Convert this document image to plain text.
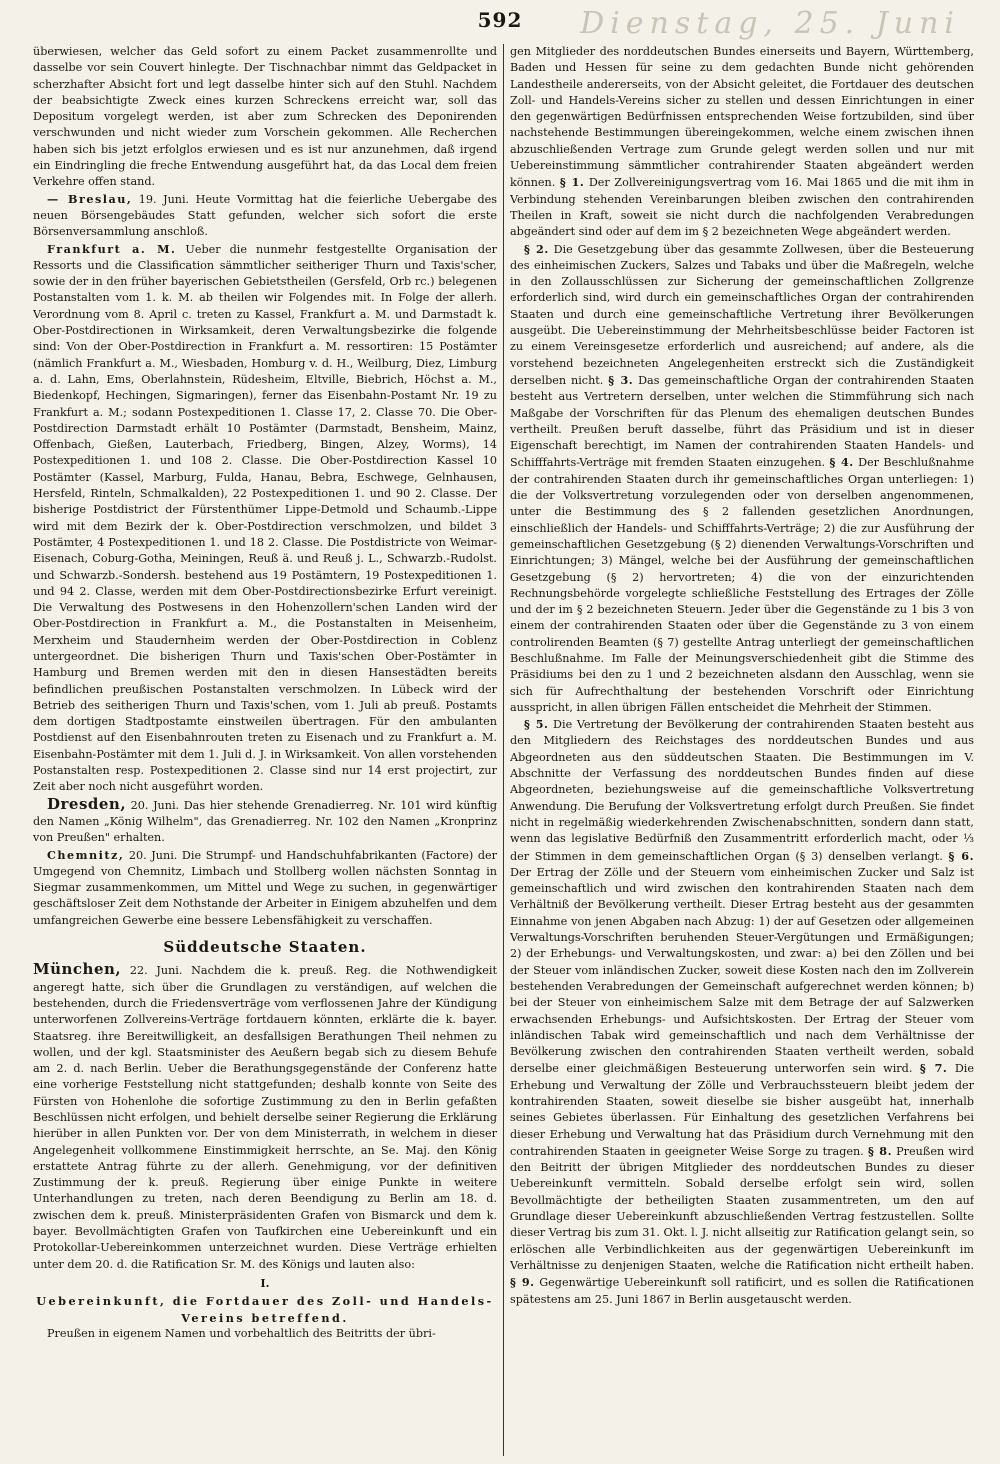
592	Dienstag, 25. Juni

überwiesen, welcher das Geld sofort zu einem Packet zusammenrollte und dasselbe vor sein Couvert hinlegte. Der Tischnachbar nimmt das Geldpacket in scherzhafter Absicht fort und legt dasselbe hinter sich auf den Stuhl. Nachdem der beabsichtigte Zweck eines kurzen Schreckens erreicht war, soll das Depositum vorgelegt werden, ist aber zum Schrecken des Deponirenden verschwunden und nicht wieder zum Vorschein gekommen. Alle Recherchen haben sich bis jetzt erfolglos erwiesen und es ist nur anzunehmen, daß irgend ein Eindringling die freche Entwendung ausgeführt hat, da das Local dem freien Verkehre offen stand.

— Breslau, 19. Juni. Heute Vormittag hat die feierliche Uebergabe des neuen Börsengebäudes Statt gefunden, welcher sich sofort die erste Börsenversammlung anschloß.

Frankfurt a. M. Ueber die nunmehr festgestellte Organisation der Ressorts und die Classification sämmtlicher seitheriger Thurn und Taxis'scher, sowie der in den früher bayerischen Gebietstheilen (Gersfeld, Orb rc.) belegenen Postanstalten vom 1. k. M. ab theilen wir Folgendes mit. In Folge der allerh. Verordnung vom 8. April c. treten zu Kassel, Frankfurt a. M. und Darmstadt k. Ober-Postdirectionen in Wirksamkeit, deren Verwaltungsbezirke die folgende sind: Von der Ober-Postdirection in Frankfurt a. M. ressortiren: 15 Postämter (nämlich Frankfurt a. M., Wiesbaden, Homburg v. d. H., Weilburg, Diez, Limburg a. d. Lahn, Ems, Oberlahnstein, Rüdesheim, Eltville, Biebrich, Höchst a. M., Biedenkopf, Hechingen, Sigmaringen), ferner das Eisenbahn-Postamt Nr. 19 zu Frankfurt a. M.; sodann Postexpeditionen 1. Classe 17, 2. Classe 70. Die Ober-Postdirection Darmstadt erhält 10 Postämter (Darmstadt, Bensheim, Mainz, Offenbach, Gießen, Lauterbach, Friedberg, Bingen, Alzey, Worms), 14 Postexpeditionen 1. und 108 2. Classe. Die Ober-Postdirection Kassel 10 Postämter (Kassel, Marburg, Fulda, Hanau, Bebra, Eschwege, Gelnhausen, Hersfeld, Rinteln, Schmalkalden), 22 Postexpeditionen 1. und 90 2. Classe. Der bisherige Postdistrict der Fürstenthümer Lippe-Detmold und Schaumb.-Lippe wird mit dem Bezirk der k. Ober-Postdirection verschmolzen, und bildet 3 Postämter, 4 Postexpeditionen 1. und 18 2. Classe. Die Postdistricte von Weimar-Eisenach, Coburg-Gotha, Meiningen, Reuß ä. und Reuß j. L., Schwarzb.-Rudolst. und Schwarzb.-Sondersh. bestehend aus 19 Postämtern, 19 Postexpeditionen 1. und 94 2. Classe, werden mit dem Ober-Postdirectionsbezirke Erfurt vereinigt. Die Verwaltung des Postwesens in den Hohenzollern'schen Landen wird der Ober-Postdirection in Frankfurt a. M., die Postanstalten in Meisenheim, Merxheim und Staudernheim werden der Ober-Postdirection in Coblenz untergeordnet. Die bisherigen Thurn und Taxis'schen Ober-Postämter in Hamburg und Bremen werden mit den in diesen Hansestädten bereits befindlichen preußischen Postanstalten verschmolzen. In Lübeck wird der Betrieb des seitherigen Thurn und Taxis'schen, vom 1. Juli ab preuß. Postamts dem dortigen Stadtpostamte einstweilen übertragen. Für den ambulanten Postdienst auf den Eisenbahnrouten treten zu Eisenach und zu Frankfurt a. M. Eisenbahn-Postämter mit dem 1. Juli d. J. in Wirksamkeit. Von allen vorstehenden Postanstalten resp. Postexpeditionen 2. Classe sind nur 14 erst projectirt, zur Zeit aber noch nicht ausgeführt worden.

Dresden, 20. Juni. Das hier stehende Grenadierreg. Nr. 101 wird künftig den Namen „König Wilhelm", das Grenadierreg. Nr. 102 den Namen „Kronprinz von Preußen" erhalten.

Chemnitz, 20. Juni. Die Strumpf- und Handschuhfabrikanten (Factore) der Umgegend von Chemnitz, Limbach und Stollberg wollen nächsten Sonntag in Siegmar zusammenkommen, um Mittel und Wege zu suchen, in gegenwärtiger geschäftsloser Zeit dem Nothstande der Arbeiter in Einigem abzuhelfen und dem umfangreichen Gewerbe eine bessere Lebensfähigkeit zu verschaffen.

Süddeutsche Staaten.

München, 22. Juni. Nachdem die k. preuß. Reg. die Nothwendigkeit angeregt hatte, sich über die Grundlagen zu verständigen, auf welchen die bestehenden, durch die Friedensverträge vom verflossenen Jahre der Kündigung unterworfenen Zollvereins-Verträge fortdauern könnten, erklärte die k. bayer. Staatsreg. ihre Bereitwilligkeit, an desfallsigen Berathungen Theil nehmen zu wollen, und der kgl. Staatsminister des Aeußern begab sich zu diesem Behufe am 2. d. nach Berlin. Ueber die Berathungsgegenstände der Conferenz hatte eine vorherige Feststellung nicht stattgefunden; deshalb konnte von Seite des Fürsten von Hohenlohe die sofortige Zustimmung zu den in Berlin gefaßten Beschlüssen nicht erfolgen, und behielt derselbe seiner Regierung die Erklärung hierüber in allen Punkten vor. Der von dem Ministerrath, in welchem in dieser Angelegenheit vollkommene Einstimmigkeit herrschte, an Se. Maj. den König erstattete Antrag führte zu der allerh. Genehmigung, vor der definitiven Zustimmung der k. preuß. Regierung über einige Punkte in weitere Unterhandlungen zu treten, nach deren Beendigung zu Berlin am 18. d. zwischen dem k. preuß. Ministerpräsidenten Grafen von Bismarck und dem k. bayer. Bevollmächtigten Grafen von Taufkirchen eine Uebereinkunft und ein Protokollar-Uebereinkommen unterzeichnet wurden. Diese Verträge erhielten unter dem 20. d. die Ratification Sr. M. des Königs und lauten also:

I.
Uebereinkunft, die Fortdauer des Zoll- und Handels-Vereins betreffend.

Preußen in eigenem Namen und vorbehaltlich des Beitritts der übri-

gen Mitglieder des norddeutschen Bundes einerseits und Bayern, Württemberg, Baden und Hessen für seine zu dem gedachten Bunde nicht gehörenden Landestheile andererseits, von der Absicht geleitet, die Fortdauer des deutschen Zoll- und Handels-Vereins sicher zu stellen und dessen Einrichtungen in einer den gegenwärtigen Bedürfnissen entsprechenden Weise fortzubilden, sind über nachstehende Bestimmungen übereingekommen, welche einem zwischen ihnen abzuschließenden Vertrage zum Grunde gelegt werden sollen und nur mit Uebereinstimmung sämmtlicher contrahirender Staaten abgeändert werden können. § 1. Der Zollvereinigungsvertrag vom 16. Mai 1865 und die mit ihm in Verbindung stehenden Vereinbarungen bleiben zwischen den contrahirenden Theilen in Kraft, soweit sie nicht durch die nachfolgenden Verabredungen abgeändert sind oder auf dem im § 2 bezeichneten Wege abgeändert werden.

§ 2. Die Gesetzgebung über das gesammte Zollwesen, über die Besteuerung des einheimischen Zuckers, Salzes und Tabaks und über die Maßregeln, welche in den Zollausschlüssen zur Sicherung der gemeinschaftlichen Zollgrenze erforderlich sind, wird durch ein gemeinschaftliches Organ der contrahirenden Staaten und durch eine gemeinschaftliche Vertretung ihrer Bevölkerungen ausgeübt. Die Uebereinstimmung der Mehrheitsbeschlüsse beider Factoren ist zu einem Vereinsgesetze erforderlich und ausreichend; auf andere, als die vorstehend bezeichneten Angelegenheiten erstreckt sich die Zuständigkeit derselben nicht. § 3. Das gemeinschaftliche Organ der contrahirenden Staaten besteht aus Vertretern derselben, unter welchen die Stimmführung sich nach Maßgabe der Vorschriften für das Plenum des ehemaligen deutschen Bundes vertheilt. Preußen beruft dasselbe, führt das Präsidium und ist in dieser Eigenschaft berechtigt, im Namen der contrahirenden Staaten Handels- und Schifffahrts-Verträge mit fremden Staaten einzugehen. § 4. Der Beschlußnahme der contrahirenden Staaten durch ihr gemeinschaftliches Organ unterliegen: 1) die der Volksvertretung vorzulegenden oder von derselben angenommenen, unter die Bestimmung des § 2 fallenden gesetzlichen Anordnungen, einschließlich der Handels- und Schifffahrts-Verträge; 2) die zur Ausführung der gemeinschaftlichen Gesetzgebung (§ 2) dienenden Verwaltungs-Vorschriften und Einrichtungen; 3) Mängel, welche bei der Ausführung der gemeinschaftlichen Gesetzgebung (§ 2) hervortreten; 4) die von der einzurichtenden Rechnungsbehörde vorgelegte schließliche Feststellung des Ertrages der Zölle und der im § 2 bezeichneten Steuern. Jeder über die Gegenstände zu 1 bis 3 von einem der contrahirenden Staaten oder über die Gegenstände zu 3 von einem controlirenden Beamten (§ 7) gestellte Antrag unterliegt der gemeinschaftlichen Beschlußnahme. Im Falle der Meinungsverschiedenheit gibt die Stimme des Präsidiums bei den zu 1 und 2 bezeichneten alsdann den Ausschlag, wenn sie sich für Aufrechthaltung der bestehenden Vorschrift oder Einrichtung ausspricht, in allen übrigen Fällen entscheidet die Mehrheit der Stimmen.

§ 5. Die Vertretung der Bevölkerung der contrahirenden Staaten besteht aus den Mitgliedern des Reichstages des norddeutschen Bundes und aus Abgeordneten aus den süddeutschen Staaten. Die Bestimmungen im V. Abschnitte der Verfassung des norddeutschen Bundes finden auf diese Abgeordneten, beziehungsweise auf die gemeinschaftliche Volksvertretung Anwendung. Die Berufung der Volksvertretung erfolgt durch Preußen. Sie findet nicht in regelmäßig wiederkehrenden Zwischenabschnitten, sondern dann statt, wenn das legislative Bedürfniß den Zusammentritt erforderlich macht, oder ⅓ der Stimmen in dem gemeinschaftlichen Organ (§ 3) denselben verlangt. § 6. Der Ertrag der Zölle und der Steuern vom einheimischen Zucker und Salz ist gemeinschaftlich und wird zwischen den kontrahirenden Staaten nach dem Verhältniß der Bevölkerung vertheilt. Dieser Ertrag besteht aus der gesammten Einnahme von jenen Abgaben nach Abzug: 1) der auf Gesetzen oder allgemeinen Verwaltungs-Vorschriften beruhenden Steuer-Vergütungen und Ermäßigungen; 2) der Erhebungs- und Verwaltungskosten, und zwar: a) bei den Zöllen und bei der Steuer vom inländischen Zucker, soweit diese Kosten nach den im Zollverein bestehenden Verabredungen der Gemeinschaft aufgerechnet werden können; b) bei der Steuer von einheimischem Salze mit dem Betrage der auf Salzwerken erwachsenden Erhebungs- und Aufsichtskosten. Der Ertrag der Steuer vom inländischen Tabak wird gemeinschaftlich und nach dem Verhältnisse der Bevölkerung zwischen den contrahirenden Staaten vertheilt werden, sobald derselbe einer gleichmäßigen Besteuerung unterworfen sein wird. § 7. Die Erhebung und Verwaltung der Zölle und Verbrauchssteuern bleibt jedem der kontrahirenden Staaten, soweit dieselbe sie bisher ausgeübt hat, innerhalb seines Gebietes überlassen. Für Einhaltung des gesetzlichen Verfahrens bei dieser Erhebung und Verwaltung hat das Präsidium durch Vernehmung mit den contrahirenden Staaten in geeigneter Weise Sorge zu tragen. § 8. Preußen wird den Beitritt der übrigen Mitglieder des norddeutschen Bundes zu dieser Uebereinkunft vermitteln. Sobald derselbe erfolgt sein wird, sollen Bevollmächtigte der betheiligten Staaten zusammentreten, um den auf Grundlage dieser Uebereinkunft abzuschließenden Vertrag festzustellen. Sollte dieser Vertrag bis zum 31. Okt. l. J. nicht allseitig zur Ratification gelangt sein, so erlöschen alle Verbindlichkeiten aus der gegenwärtigen Uebereinkunft im Verhältnisse zu denjenigen Staaten, welche die Ratification nicht ertheilt haben. § 9. Gegenwärtige Uebereinkunft soll ratificirt, und es sollen die Ratificationen spätestens am 25. Juni 1867 in Berlin ausgetauscht werden.
